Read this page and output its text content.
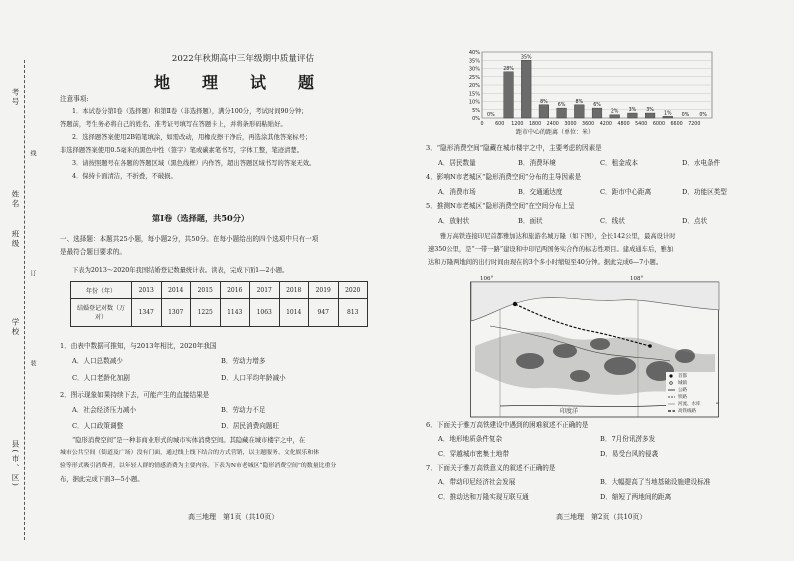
考号
线
姓名
班级
订
学校
装
县(市、区)
2022年秋期高中三年级期中质量评估
地　理　试　题
注意事项:
1．本试卷分第Ⅰ卷（选择题）和第Ⅱ卷（非选择题），满分100分，考试时间90分钟；
答题前，考生务必将自己的姓名、准考证号填写在答题卡上，并将条形码粘贴好。
2．选择题答案使用2B铅笔填涂，如需改动，用橡皮擦干净后，再选涂其他答案标号；
非选择题答案使用0.5毫米的黑色中性（签字）笔或碳素笔书写，字体工整，笔迹清楚。
3．请按照题号在各题的答题区域（黑色线框）内作答，超出答题区域书写的答案无效。
4．保持卡面清洁，不折叠，不破损。
第Ⅰ卷（选择题，共50分）
一、选择题：本题共25小题，每小题2分，共50分。在每小题给出的四个选项中只有一项
是最符合题目要求的。
下表为2013～2020年我国结婚登记数量统计表。读表，完成下面1—2小题。
年份（年）	2013	2014	2015	2016	2017	2018	2019	2020
结婚登记对数（万对）	1347	1307	1225	1143	1063	1014	947	813
1．由表中数据可推知，与2013年相比，2020年我国
A．人口总数减少	B．劳动力增多
C．人口老龄化加剧	D．人口平均年龄减小
2．图示现象如果持续下去，可能产生的直接结果是
A．社会经济压力减小	B．劳动力不足
C．人口政策调整	D．居民消费向题旺
“隐形消费空间”是一种非商业形式的城市实体消费空间。其隐藏在城市楼宇之中，在
城市公共空间（街道及广场）没有门面，通过线上线下结合的方式营销，以主题服务、文化娱乐和体
验等形式吸引消费者，以年轻人群的情感消费为主要内容。下表为N市老城区“隐形消费空间”的数量比重分
布，据此完成下面3—5小题。
高三地理　第1页（共10页）
40%
35%
30%
25%
20%
15%
10%
5%
0%
0 600 1200 1800 2400 3000 3600 4200 4800 5400 6000 6600 7200
0%
28%
35%
8%
6%
8%
6%
2% 3% 3%
1% 0% 0%
距市中心的距离（单位：米）
3．“隐形消费空间”隐藏在城市楼宇之中，主要考虑的因素是
A．居民数量	B．消费环境	C．租金成本	D．水电条件
4．影响N市老城区“隐形消费空间”分布的主导因素是
A．消费市场	B．交通通达度	C．距市中心距离	D．功能区类型
5．推测N市老城区“隐形消费空间”在空间分布上呈
A．放射状	B．面状	C．线状	D．点状
雅万高铁连接印尼首都雅加达和旅游名城万隆（如下图），全长142公里，最高设计时
速350公里，是“一带一路”建设和中印尼两国务实合作的标志性项目。建成通车后，雅加
达和万隆两地间的出行时间由现在的3个多小时缩短至40分钟。据此完成6—7小题。
106°	108°
印度洋
首都
城镇
公路
铁路
河流、水库
高铁线路
6．下面关于雅万高铁建设中遇到的困难叙述不正确的是
A．地形地质条件复杂	B．7月份讯涝多发
C．穿越城市密集土地带	D．易受台风的侵袭
7．下面关于雅万高铁意义的叙述不正确的是
A．带动印尼经济社会发展	B．大幅提高了当地基础设施建设标准
C．推动达和万隆实现互联互通	D．缩短了两地间的距离
高三地理　第2页（共10页）
